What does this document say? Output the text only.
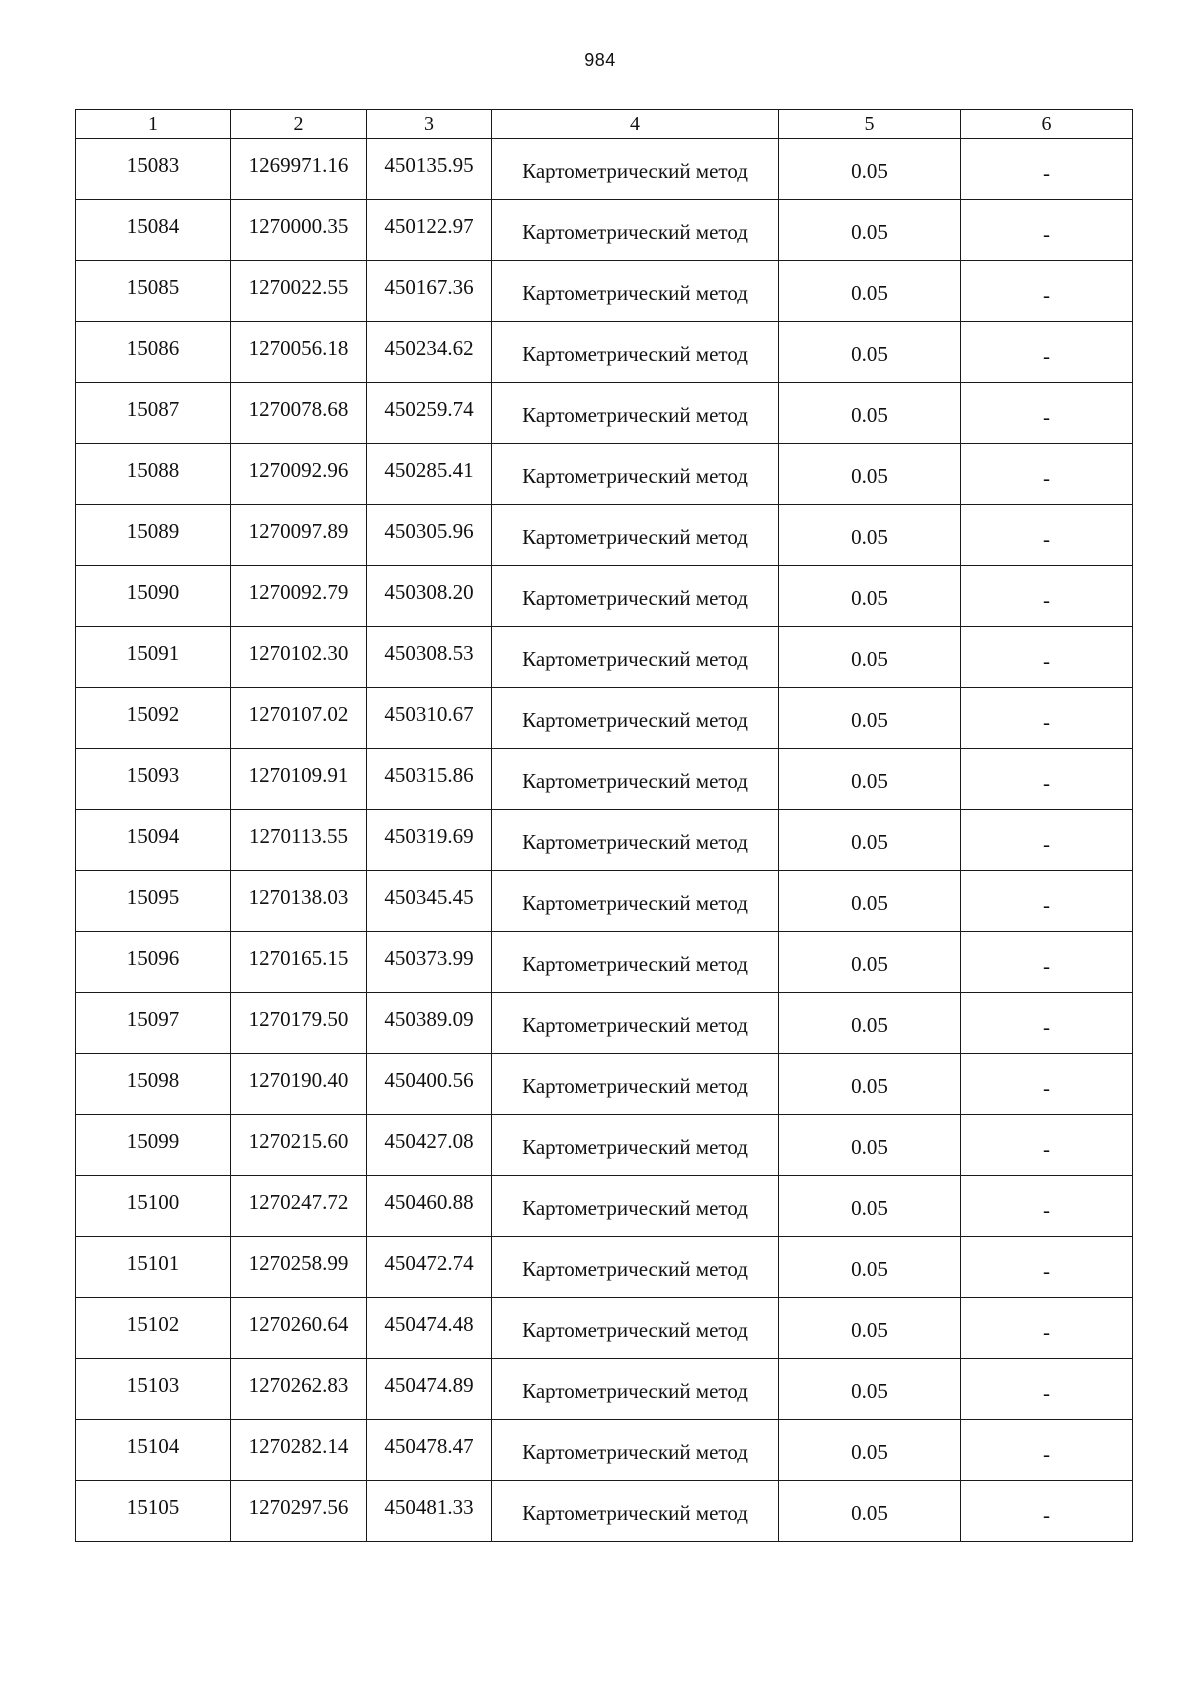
984
1	2	3	4	5	6
15083	1269971.16	450135.95	Картометрический метод	0.05	-
15084	1270000.35	450122.97	Картометрический метод	0.05	-
15085	1270022.55	450167.36	Картометрический метод	0.05	-
15086	1270056.18	450234.62	Картометрический метод	0.05	-
15087	1270078.68	450259.74	Картометрический метод	0.05	-
15088	1270092.96	450285.41	Картометрический метод	0.05	-
15089	1270097.89	450305.96	Картометрический метод	0.05	-
15090	1270092.79	450308.20	Картометрический метод	0.05	-
15091	1270102.30	450308.53	Картометрический метод	0.05	-
15092	1270107.02	450310.67	Картометрический метод	0.05	-
15093	1270109.91	450315.86	Картометрический метод	0.05	-
15094	1270113.55	450319.69	Картометрический метод	0.05	-
15095	1270138.03	450345.45	Картометрический метод	0.05	-
15096	1270165.15	450373.99	Картометрический метод	0.05	-
15097	1270179.50	450389.09	Картометрический метод	0.05	-
15098	1270190.40	450400.56	Картометрический метод	0.05	-
15099	1270215.60	450427.08	Картометрический метод	0.05	-
15100	1270247.72	450460.88	Картометрический метод	0.05	-
15101	1270258.99	450472.74	Картометрический метод	0.05	-
15102	1270260.64	450474.48	Картометрический метод	0.05	-
15103	1270262.83	450474.89	Картометрический метод	0.05	-
15104	1270282.14	450478.47	Картометрический метод	0.05	-
15105	1270297.56	450481.33	Картометрический метод	0.05	-
